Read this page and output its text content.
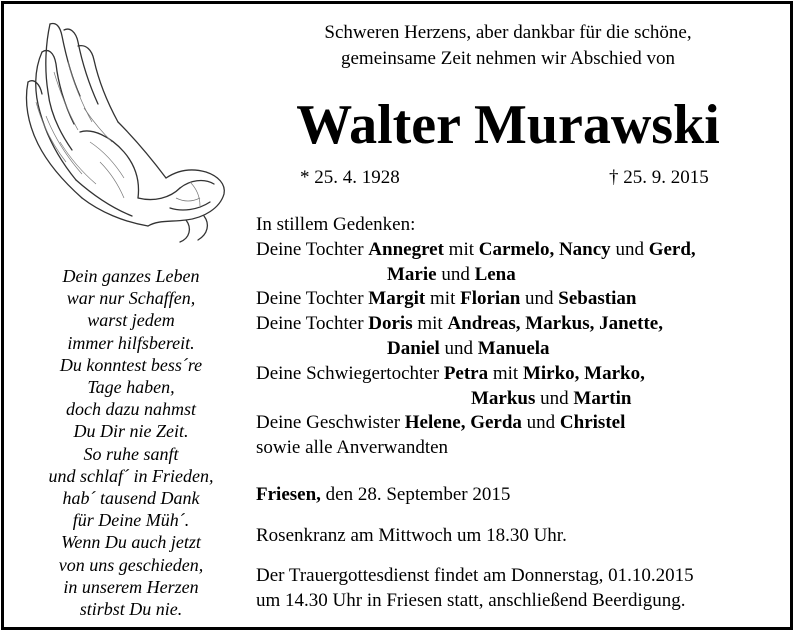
Dein ganzes Leben
war nur Schaffen,
warst jedem
immer hilfsbereit.
Du konntest bess´re
Tage haben,
doch dazu nahmst
Du Dir nie Zeit.
So ruhe sanft
und schlaf´ in Frieden,
hab´ tausend Dank
für Deine Müh´.
Wenn Du auch jetzt
von uns geschieden,
in unserem Herzen
stirbst Du nie.
Schweren Herzens, aber dankbar für die schöne,
gemeinsame Zeit nehmen wir Abschied von
Walter Murawski
* 25. 4. 1928	† 25. 9. 2015
In stillem Gedenken:
Deine Tochter Annegret mit Carmelo, Nancy und Gerd,
Marie und Lena
Deine Tochter Margit mit Florian und Sebastian
Deine Tochter Doris mit Andreas, Markus, Janette,
Daniel und Manuela
Deine Schwiegertochter Petra mit Mirko, Marko,
Markus und Martin
Deine Geschwister Helene, Gerda und Christel
sowie alle Anverwandten
Friesen, den 28. September 2015
Rosenkranz am Mittwoch um 18.30 Uhr.
Der Trauergottesdienst findet am Donnerstag, 01.10.2015
um 14.30 Uhr in Friesen statt, anschließend Beerdigung.
